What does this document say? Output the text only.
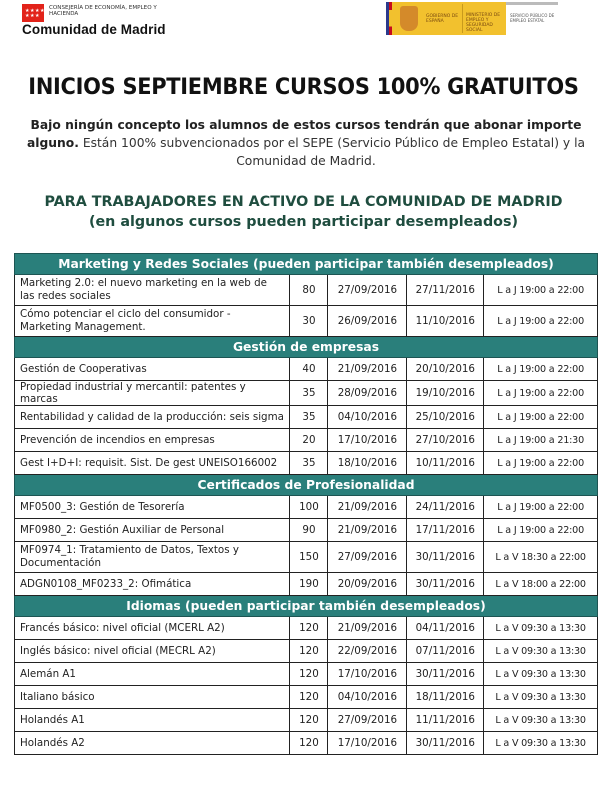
★★★★
★★★
CONSEJERÍA DE ECONOMÍA, EMPLEO Y HACIENDA
Comunidad de Madrid
GOBIERNO DE ESPAÑA
MINISTERIO DE EMPLEO Y SEGURIDAD SOCIAL
SERVICIO PÚBLICO DE EMPLEO ESTATAL
INICIOS SEPTIEMBRE CURSOS 100% GRATUITOS
Bajo ningún concepto los alumnos de estos cursos tendrán que abonar importe alguno. Están 100% subvencionados por el SEPE (Servicio Público de Empleo Estatal) y la Comunidad de Madrid.
PARA TRABAJADORES EN ACTIVO DE LA COMUNIDAD DE MADRID
(en algunos cursos pueden participar desempleados)
Marketing y Redes Sociales (pueden participar también desempleados)				
Marketing 2.0: el nuevo marketing en la web de las redes sociales	80	27/09/2016	27/11/2016	L a J 19:00 a 22:00
Cómo potenciar el ciclo del consumidor - Marketing Management.	30	26/09/2016	11/10/2016	L a J 19:00 a 22:00
Gestión de empresas				
Gestión de Cooperativas	40	21/09/2016	20/10/2016	L a J 19:00 a 22:00
Propiedad industrial y mercantil: patentes y marcas	35	28/09/2016	19/10/2016	L a J 19:00 a 22:00
Rentabilidad y calidad de la producción: seis sigma	35	04/10/2016	25/10/2016	L a J 19:00 a 22:00
Prevención de incendios en empresas	20	17/10/2016	27/10/2016	L a J 19:00 a 21:30
Gest I+D+I: requisit. Sist. De gest UNEISO166002	35	18/10/2016	10/11/2016	L a J 19:00 a 22:00
Certificados de Profesionalidad				
MF0500_3: Gestión de Tesorería	100	21/09/2016	24/11/2016	L a J 19:00 a 22:00
MF0980_2: Gestión Auxiliar de Personal	90	21/09/2016	17/11/2016	L a J 19:00 a 22:00
MF0974_1: Tratamiento de Datos, Textos y Documentación	150	27/09/2016	30/11/2016	L a V 18:30 a 22:00
ADGN0108_MF0233_2: Ofimática	190	20/09/2016	30/11/2016	L a V 18:00 a 22:00
Idiomas (pueden participar también desempleados)				
Francés básico: nivel oficial (MCERL A2)	120	21/09/2016	04/11/2016	L a V 09:30 a 13:30
Inglés básico: nivel oficial (MECRL A2)	120	22/09/2016	07/11/2016	L a V 09:30 a 13:30
Alemán A1	120	17/10/2016	30/11/2016	L a V 09:30 a 13:30
Italiano básico	120	04/10/2016	18/11/2016	L a V 09:30 a 13:30
Holandés A1	120	27/09/2016	11/11/2016	L a V 09:30 a 13:30
Holandés A2	120	17/10/2016	30/11/2016	L a V 09:30 a 13:30
